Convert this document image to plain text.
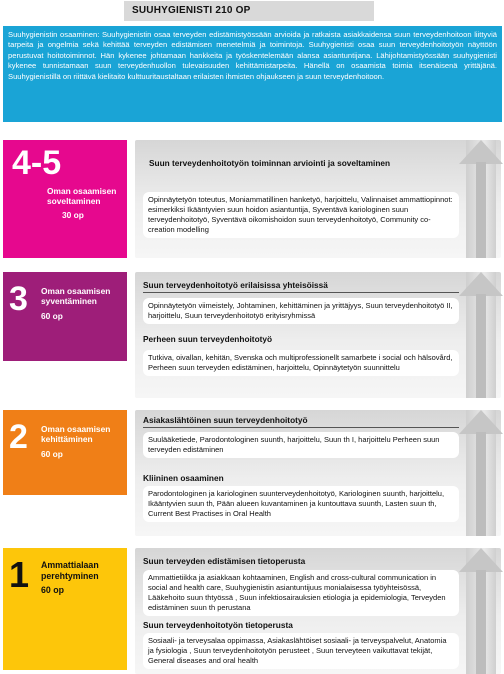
SUUHYGIENISTI 210 OP
Suuhygienistin osaaminen: Suuhygienistin osaa terveyden edistämistyössään arvioida ja ratkaista asiakkaidensa suun terveydenhoitoon liittyviä tarpeita ja ongelmia sekä kehittää terveyden edistämisen menetelmiä ja toimintoja. Suuhygienisti osaa suun terveydenhoitotyön näyttöön perustuvat hoitotoiminnot. Hän kykenee johtamaan hankkeita ja työskentelemään alansa asiantuntijana. Lähijohtamistyössään suuhygienisti kykenee tunnistamaan suun terveydenhuollon tulevaisuuden kehittämistarpeita. Hänellä on osaamista toimia itsenäisenä yrittäjänä. Suuhygienistillä on riittävä kielitaito kulttuuritaustaltaan erilaisten ihmisten ohjaukseen ja suun terveydenhoitoon.
4-5
Oman osaamisen soveltaminen
30 op
Suun terveydenhoitotyön toiminnan arviointi ja soveltaminen
Opinnäytetyön toteutus, Moniammatillinen hanketyö, harjoittelu, Valinnaiset ammattiopinnot: esimerkiksi Ikääntyvien suun hoidon asiantuntija, Syventävä kariologinen suun terveydenhoitotyö, Syventävä oikomishoidon suun terveydenhoitotyö, Community co-creation modelling
3 Oman osaamisen syventäminen
60 op
Suun terveydenhoitotyö erilaisissa yhteisöissä
Opinnäytetyön viimeistely, Johtaminen, kehittäminen ja yrittäjyys, Suun terveydenhoitotyö II, harjoittelu, Suun terveydenhoitotyö erityisryhmissä
Perheen suun terveydenhoitotyö
Tutkiva, oivallan, kehitän, Svenska och multiprofessionellt samarbete i social och hälsovård, Perheen suun terveyden edistäminen, harjoittelu, Opinnäytetyön suunnittelu
2 Oman osaamisen kehittäminen
60 op
Asiakaslähtöinen suun terveydenhoitotyö
Suulääketiede, Parodontologinen suunth, harjoittelu, Suun th I, harjoittelu Perheen suun terveyden edistäminen
Kliininen osaaminen
Parodontologinen ja kariologinen suunterveydenhoitotyö, Kariologinen suunth, harjoittelu, Ikääntyvien suun th, Pään alueen kuvantaminen ja kuntouttava suunth, Lasten suun th, Current Best Practises in Oral Health
1 Ammattialaan perehtyminen
60 op
Suun terveyden edistämisen tietoperusta
Ammattietiikka ja asiakkaan kohtaaminen, English and cross-cultural communication in social and health care, Suuhygienistin asiantuntijuus monialaisessa työyhteisössä, Lääkehoito suun thtyössä , Suun infektiosairauksien etiologia ja epidemiologia, Terveyden edistäminen suun th perustana
Suun terveydenhoitotyön tietoperusta
Sosiaali- ja terveysalaa oppimassa, Asiakaslähtöiset sosiaali- ja terveyspalvelut, Anatomia ja fysiologia , Suun terveydenhoitotyön perusteet , Suun terveyteen vaikuttavat tekijät, General diseases and oral health
